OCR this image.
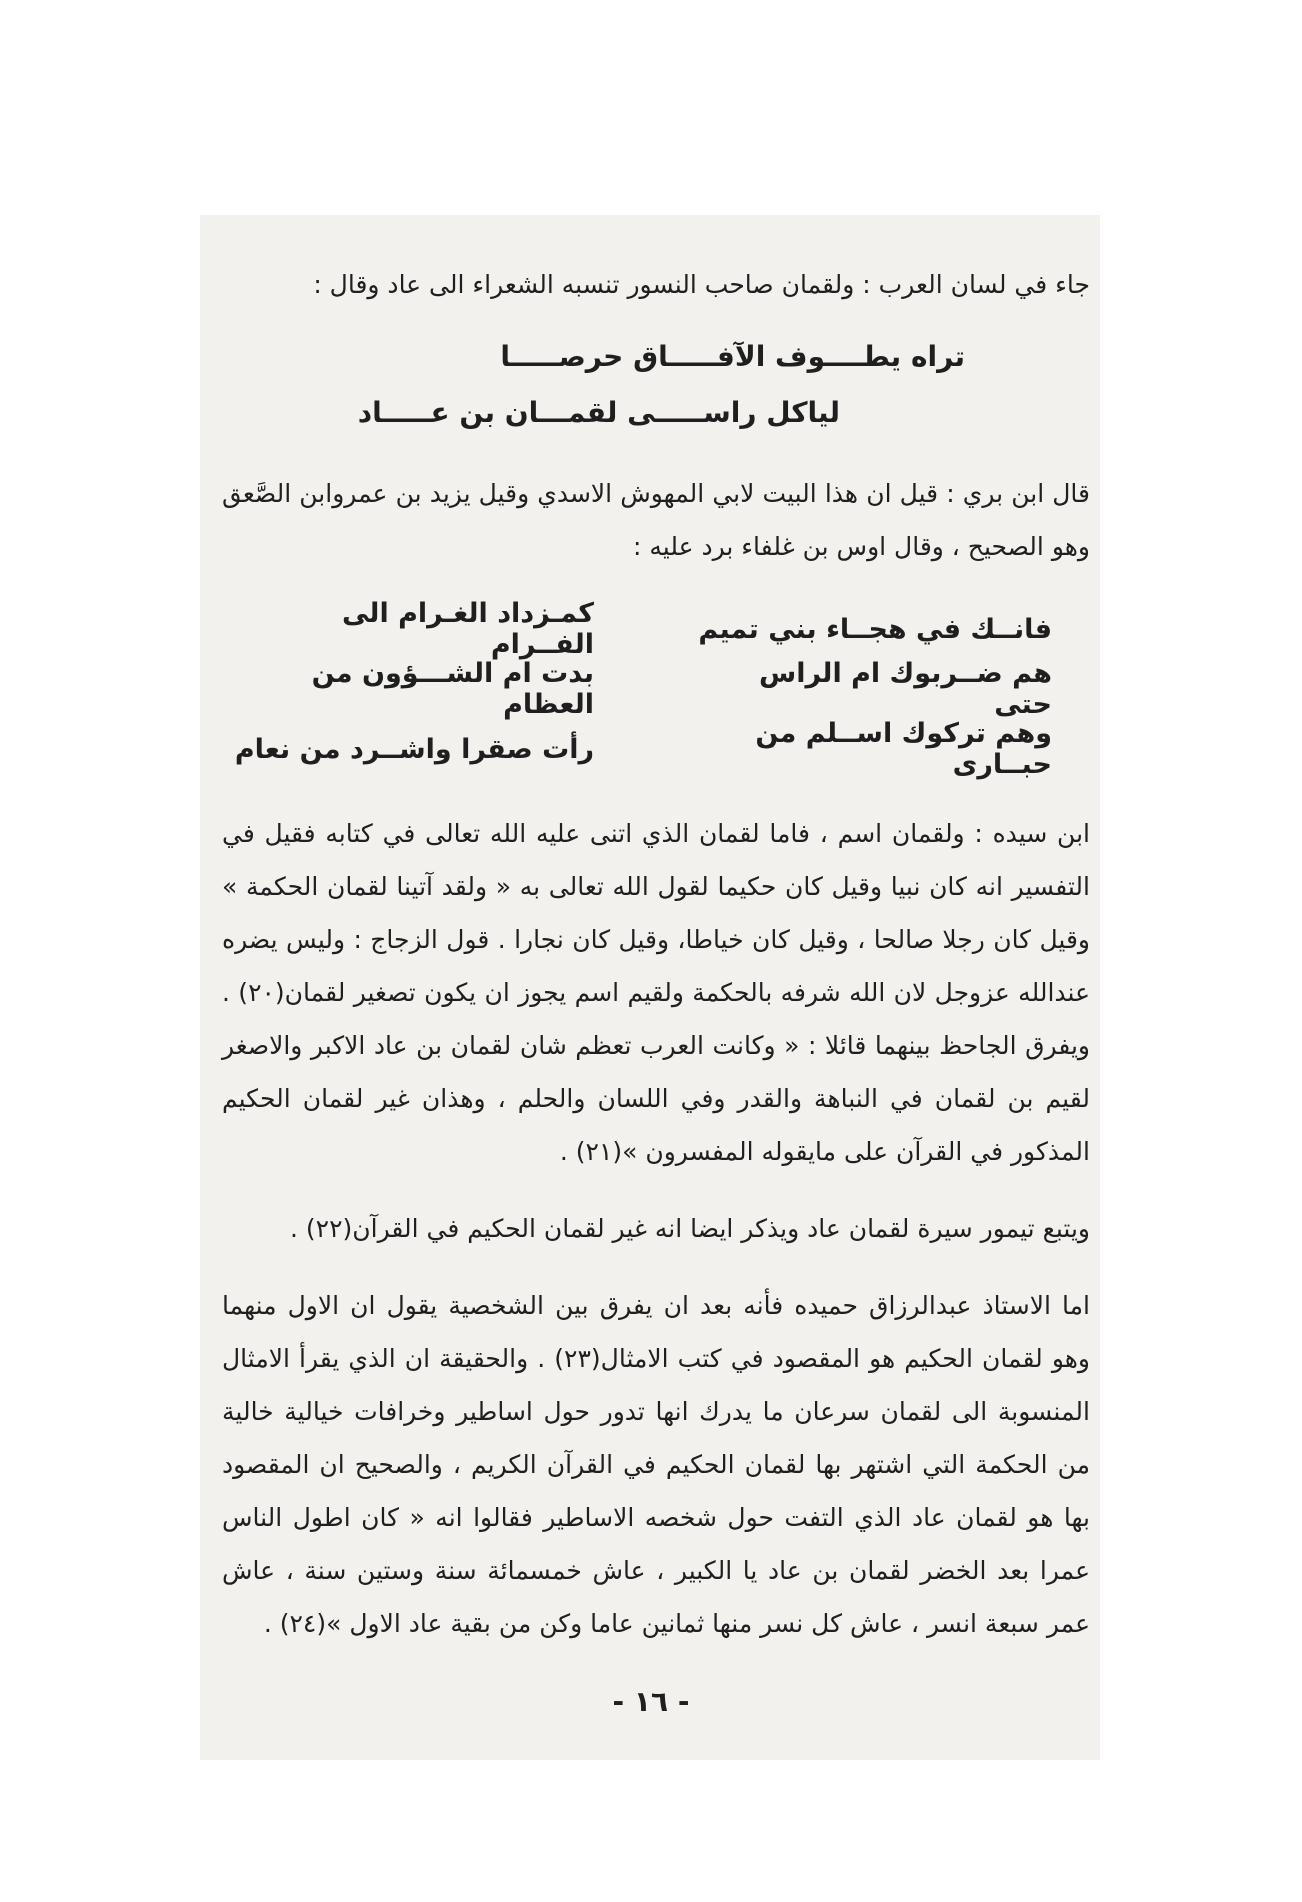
جاء في لسان العرب : ولقمان صاحب النسور تنسبه الشعراء الى عاد وقال :

تراه يطــــوف الآفـــــاق حرصـــــا

لياكل راســـــى لقمـــان بن عـــــاد

قال ابن بري : قيل ان هذا البيت لابي المهوش الاسدي وقيل يزيد بن عمروابن الصَّعق وهو الصحيح ، وقال اوس بن غلفاء برد عليه :

فانــك في هجــاء بني تميم
كمـزداد الغـرام الى الفــرام
هم ضــربوك ام الراس حتى
بدت ام الشـــؤون من العظام
وهم تركوك اســلم من حبــارى
رأت صقرا واشــرد من نعام

ابن سيده : ولقمان اسم ، فاما لقمان الذي اتنى عليه الله تعالى في كتابه فقيل في التفسير انه كان نبيا وقيل كان حكيما لقول الله تعالى به « ولقد آتينا لقمان الحكمة » وقيل كان رجلا صالحا ، وقيل كان خياطا، وقيل كان نجارا . قول الزجاج : وليس يضره عندالله عزوجل لان الله شرفه بالحكمة ولقيم اسم يجوز ان يكون تصغير لقمان(٢٠) . ويفرق الجاحظ بينهما قائلا : « وكانت العرب تعظم شان لقمان بن عاد الاكبر والاصغر لقيم بن لقمان في النباهة والقدر وفي اللسان والحلم ، وهذان غير لقمان الحكيم المذكور في القرآن على مايقوله المفسرون »(٢١) .

ويتبع تيمور سيرة لقمان عاد ويذكر ايضا انه غير لقمان الحكيم في القرآن(٢٢) .

اما الاستاذ عبدالرزاق حميده فأنه بعد ان يفرق بين الشخصية يقول ان الاول منهما وهو لقمان الحكيم هو المقصود في كتب الامثال(٢٣) . والحقيقة ان الذي يقرأ الامثال المنسوبة الى لقمان سرعان ما يدرك انها تدور حول اساطير وخرافات خيالية خالية من الحكمة التي اشتهر بها لقمان الحكيم في القرآن الكريم ، والصحيح ان المقصود بها هو لقمان عاد الذي التفت حول شخصه الاساطير فقالوا انه « كان اطول الناس عمرا بعد الخضر لقمان بن عاد يا الكبير ، عاش خمسمائة سنة وستين سنة ، عاش عمر سبعة انسر ، عاش كل نسر منها ثمانين عاما وكن من بقية عاد الاول »(٢٤) .

- ١٦ -
